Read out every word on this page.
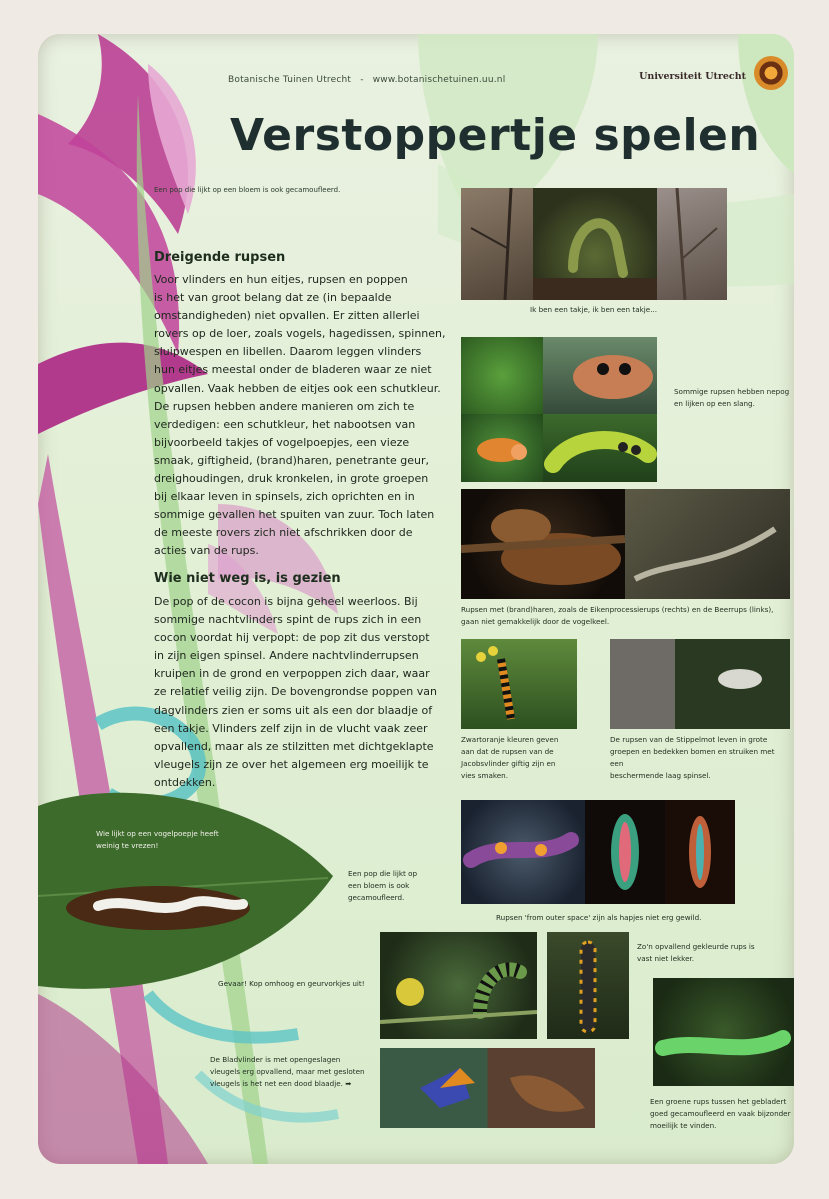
Botanische Tuinen Utrecht - www.botanischetuinen.uu.nl	Universiteit Utrecht
Verstoppertje spelen
Een pop die lijkt op een bloem is ook gecamoufleerd.
Dreigende rupsen
Voor vlinders en hun eitjes, rupsen en poppen
is het van groot belang dat ze (in bepaalde
omstandigheden) niet opvallen. Er zitten allerlei
rovers op de loer, zoals vogels, hagedissen, spinnen,
sluipwespen en libellen. Daarom leggen vlinders
hun eitjes meestal onder de bladeren waar ze niet
opvallen. Vaak hebben de eitjes ook een schutkleur.
De rupsen hebben andere manieren om zich te
verdedigen: een schutkleur, het nabootsen van
bijvoorbeeld takjes of vogelpoepjes, een vieze
smaak, giftigheid, (brand)haren, penetrante geur,
dreighoudingen, druk kronkelen, in grote groepen
bij elkaar leven in spinsels, zich oprichten en in
sommige gevallen het spuiten van zuur. Toch laten
de meeste rovers zich niet afschrikken door de
acties van de rups.
Wie niet weg is, is gezien
De pop of de cocon is bijna geheel weerloos. Bij
sommige nachtvlinders spint de rups zich in een
cocon voordat hij verpopt: de pop zit dus verstopt
in zijn eigen spinsel. Andere nachtvlinderrupsen
kruipen in de grond en verpoppen zich daar, waar
ze relatief veilig zijn. De bovengrondse poppen van
dagvlinders zien er soms uit als een dor blaadje of
een takje. Vlinders zelf zijn in de vlucht vaak zeer
opvallend, maar als ze stilzitten met dichtgeklapte
vleugels zijn ze over het algemeen erg moeilijk te
ontdekken.
Ik ben een takje, ik ben een takje...
Sommige rupsen hebben nepog
en lijken op een slang.
Rupsen met (brand)haren, zoals de Eikenprocessierups (rechts) en de Beerrups (links),
gaan niet gemakkelijk door de vogelkeel.
Zwartoranje kleuren geven
aan dat de rupsen van de
Jacobsvlinder giftig zijn en
vies smaken.
De rupsen van de Stippelmot leven in grote
groepen en bedekken bomen en struiken met een
beschermende laag spinsel.
Wie lijkt op een vogelpoepje heeft
weinig te vrezen!
Een pop die lijkt op
een bloem is ook
gecamoufleerd.
Rupsen 'from outer space' zijn als hapjes niet erg gewild.
Zo'n opvallend gekleurde rups is
vast niet lekker.
Gevaar! Kop omhoog en geurvorkjes uit!
De Bladvlinder is met opengeslagen
vleugels erg opvallend, maar met gesloten
vleugels is het net een dood blaadje. ➡
Een groene rups tussen het gebladert
goed gecamoufleerd en vaak bijzonder
moeilijk te vinden.
